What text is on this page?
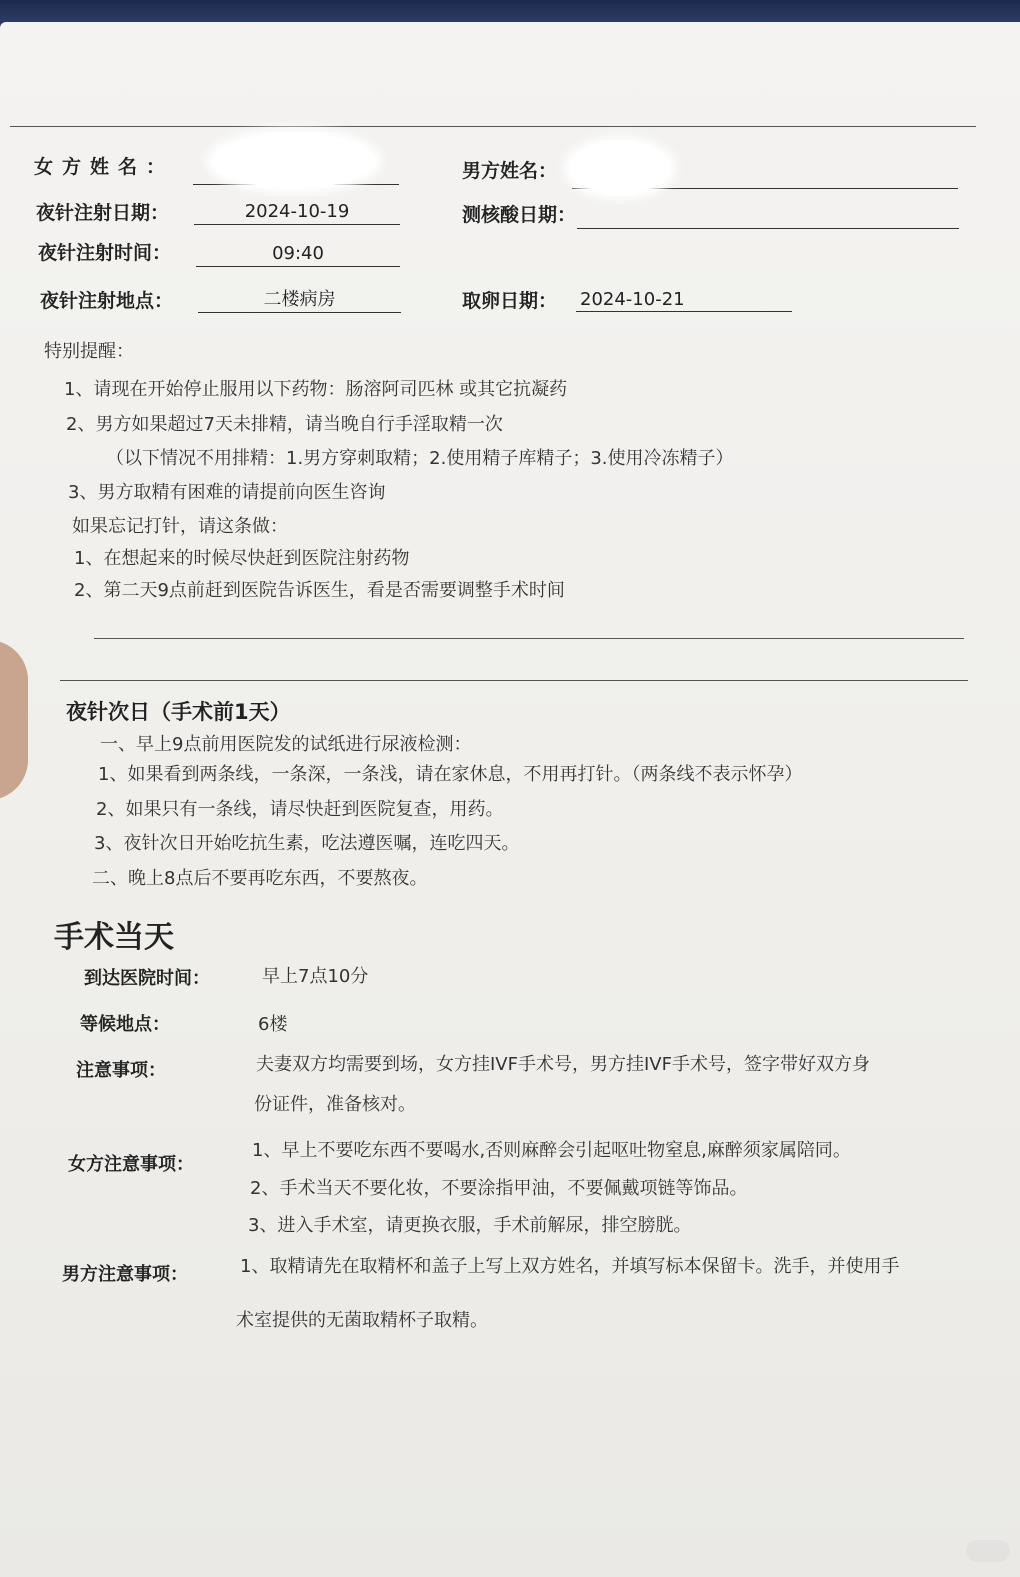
女方姓名：	男方姓名：
夜针注射日期：	2024-10-19	测核酸日期：
夜针注射时间：	09:40
夜针注射地点：	二楼病房	取卵日期： 2024-10-21
特别提醒：
1、请现在开始停止服用以下药物：肠溶阿司匹林 或其它抗凝药
2、男方如果超过7天未排精，请当晚自行手淫取精一次
（以下情况不用排精：1.男方穿刺取精；2.使用精子库精子；3.使用冷冻精子）
3、男方取精有困难的请提前向医生咨询
如果忘记打针，请这条做：
1、在想起来的时候尽快赶到医院注射药物
2、第二天9点前赶到医院告诉医生，看是否需要调整手术时间
夜针次日（手术前1天）
一、早上9点前用医院发的试纸进行尿液检测：
1、如果看到两条线，一条深，一条浅，请在家休息，不用再打针。（两条线不表示怀孕）
2、如果只有一条线，请尽快赶到医院复查，用药。
3、夜针次日开始吃抗生素，吃法遵医嘱，连吃四天。
二、晚上8点后不要再吃东西，不要熬夜。
手术当天
到达医院时间：	早上7点10分
等候地点：	6楼
注意事项：	夫妻双方均需要到场，女方挂IVF手术号，男方挂IVF手术号，签字带好双方身
份证件，准备核对。
女方注意事项：
1、早上不要吃东西不要喝水,否则麻醉会引起呕吐物窒息,麻醉须家属陪同。
2、手术当天不要化妆，不要涂指甲油，不要佩戴项链等饰品。
3、进入手术室，请更换衣服，手术前解尿，排空膀胱。
男方注意事项：	1、取精请先在取精杯和盖子上写上双方姓名，并填写标本保留卡。洗手，并使用手
术室提供的无菌取精杯子取精。
